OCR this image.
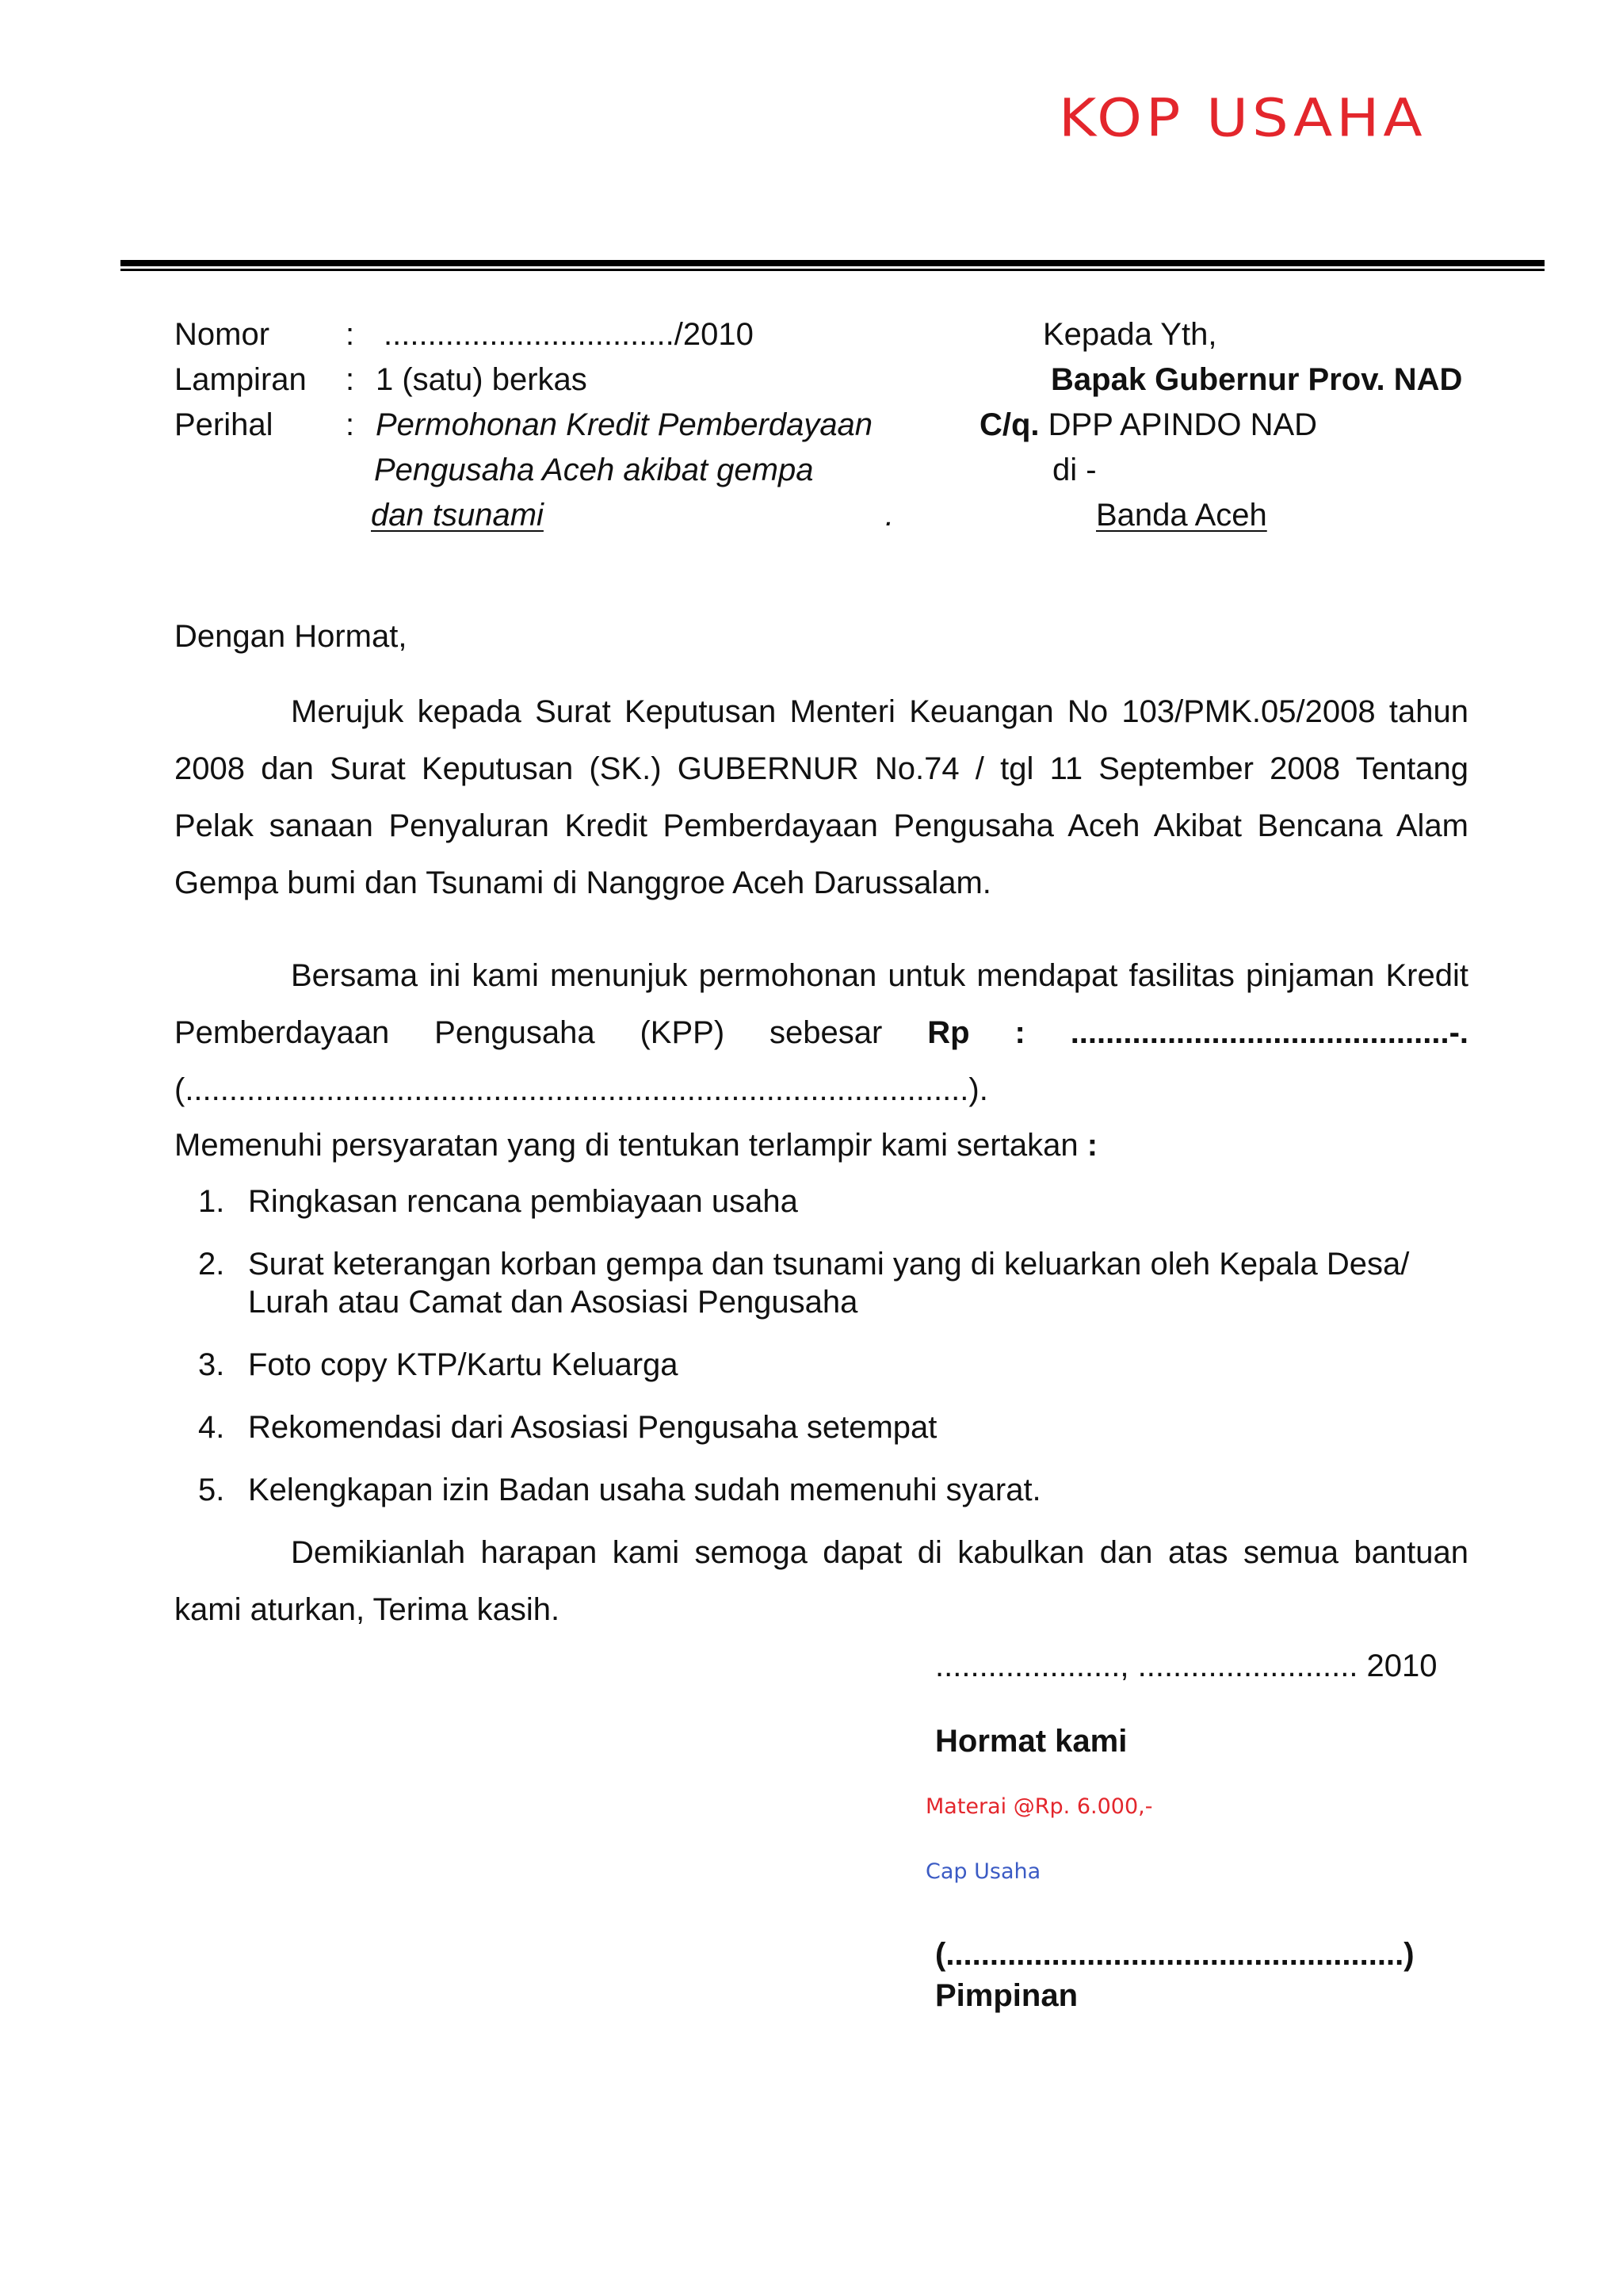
KOP USAHA
Nomor : ................................./2010
Lampiran : 1 (satu) berkas
Perihal : Permohonan Kredit Pemberdayaan
Pengusaha Aceh akibat gempa
dan tsunami	.
Kepada Yth,
Bapak Gubernur Prov. NAD
C/q. DPP APINDO NAD
di -
Banda Aceh
Dengan Hormat,
Merujuk kepada Surat Keputusan Menteri Keuangan No 103/PMK.05/2008 tahun 2008 dan Surat Keputusan (SK.) GUBERNUR No.74 / tgl 11 September 2008 Tentang Pelak sanaan Penyaluran Kredit Pemberdayaan Pengusaha Aceh Akibat Bencana Alam Gempa bumi dan Tsunami di Nanggroe Aceh Darussalam.
Bersama ini kami menunjuk permohonan untuk mendapat fasilitas pinjaman Kredit Pemberdayaan Pengusaha (KPP) sebesar Rp : ...........................................-. (.........................................................................................).
Memenuhi persyaratan yang di tentukan terlampir kami sertakan :
1. Ringkasan rencana pembiayaan usaha
2. Surat keterangan korban gempa dan tsunami yang di keluarkan oleh Kepala Desa/
Lurah atau Camat dan Asosiasi Pengusaha
3. Foto copy KTP/Kartu Keluarga
4. Rekomendasi dari Asosiasi Pengusaha setempat
5. Kelengkapan izin Badan usaha sudah memenuhi syarat.
Demikianlah harapan kami semoga dapat di kabulkan dan atas semua bantuan kami aturkan, Terima kasih.
....................., ......................... 2010
Hormat kami
Materai @Rp. 6.000,-
Cap Usaha
(....................................................)
Pimpinan
